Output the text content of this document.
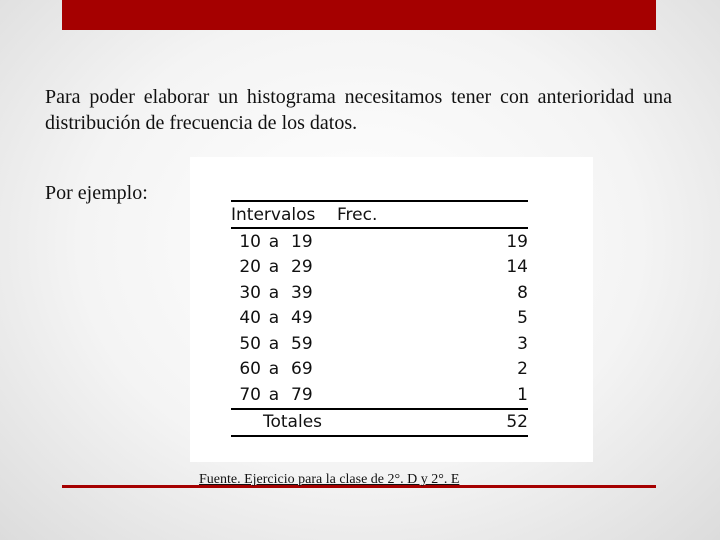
Para poder elaborar un histograma necesitamos tener con anterioridad una distribución de frecuencia de los datos.

Por ejemplo:
Intervalos			Frec.
10	a	19	19
20	a	29	14
30	a	39	8
40	a	49	5
50	a	59	3
60	a	69	2
70	a	79	1
Totales			52
Fuente. Ejercicio para la clase de 2°. D y 2°. E
